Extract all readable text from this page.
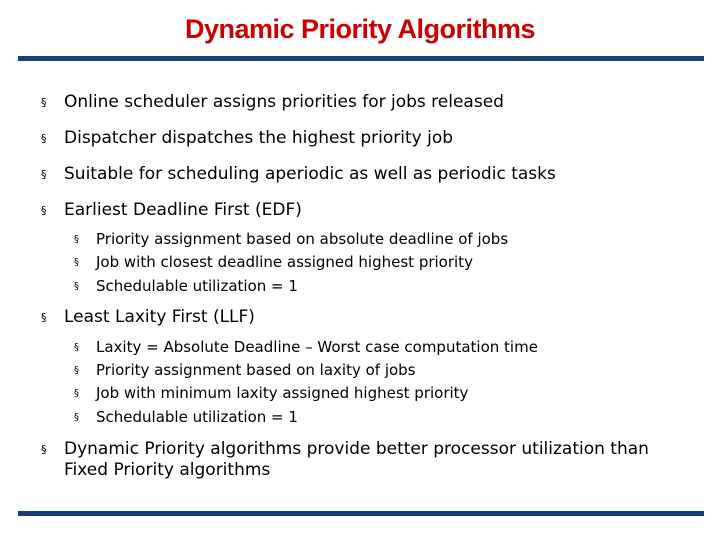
Dynamic Priority Algorithms
§ Online scheduler assigns priorities for jobs released
§ Dispatcher dispatches the highest priority job
§ Suitable for scheduling aperiodic as well as periodic tasks
§ Earliest Deadline First (EDF)
§ Priority assignment based on absolute deadline of jobs
§ Job with closest deadline assigned highest priority
§ Schedulable utilization = 1
§ Least Laxity First (LLF)
§ Laxity = Absolute Deadline – Worst case computation time
§ Priority assignment based on laxity of jobs
§ Job with minimum laxity assigned highest priority
§ Schedulable utilization = 1
§ Dynamic Priority algorithms provide better processor utilization than Fixed Priority algorithms
